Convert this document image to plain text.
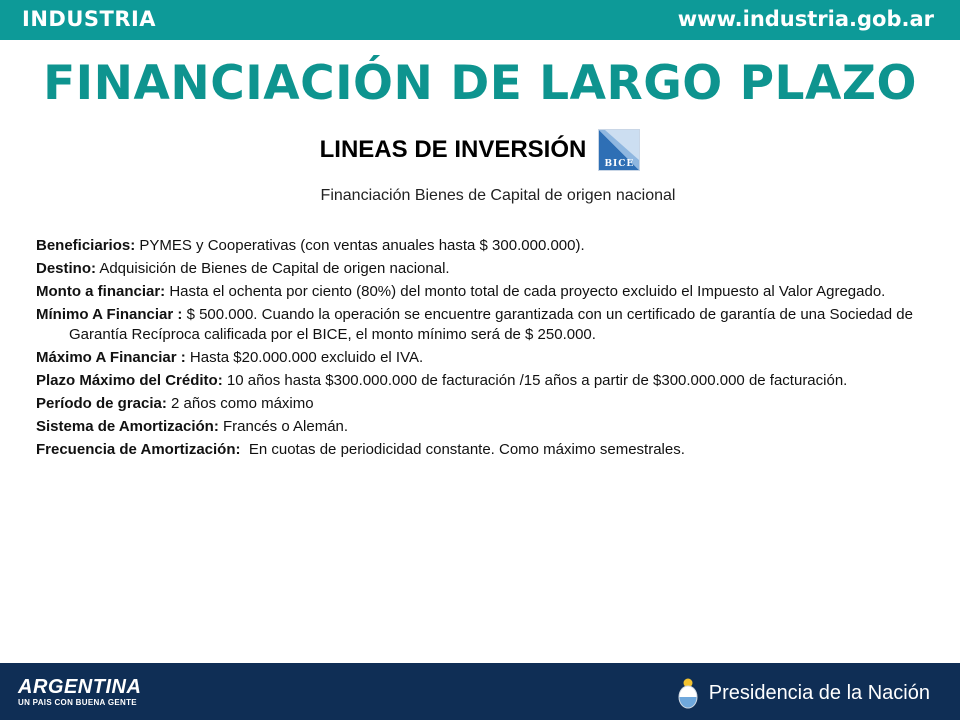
INDUSTRIA	www.industria.gob.ar
FINANCIACIÓN DE LARGO PLAZO
LINEAS DE INVERSIÓN
BICE

Financiación Bienes de Capital de origen nacional

Beneficiarios: PYMES y Cooperativas (con ventas anuales hasta $ 300.000.000).
Destino: Adquisición de Bienes de Capital de origen nacional.
Monto a financiar: Hasta el ochenta por ciento (80%) del monto total de cada proyecto excluido el Impuesto al Valor Agregado.
Mínimo A Financiar : $ 500.000. Cuando la operación se encuentre garantizada con un certificado de garantía de una Sociedad de Garantía Recíproca calificada por el BICE, el monto mínimo será de $ 250.000.
Máximo A Financiar : Hasta $20.000.000 excluido el IVA.
Plazo Máximo del Crédito: 10 años hasta $300.000.000 de facturación /15 años a partir de $300.000.000 de facturación.
Período de gracia: 2 años como máximo
Sistema de Amortización: Francés o Alemán.
Frecuencia de Amortización:  En cuotas de periodicidad constante. Como máximo semestrales.
ARGENTINA
UN PAIS CON BUENA GENTE	Presidencia de la Nación
